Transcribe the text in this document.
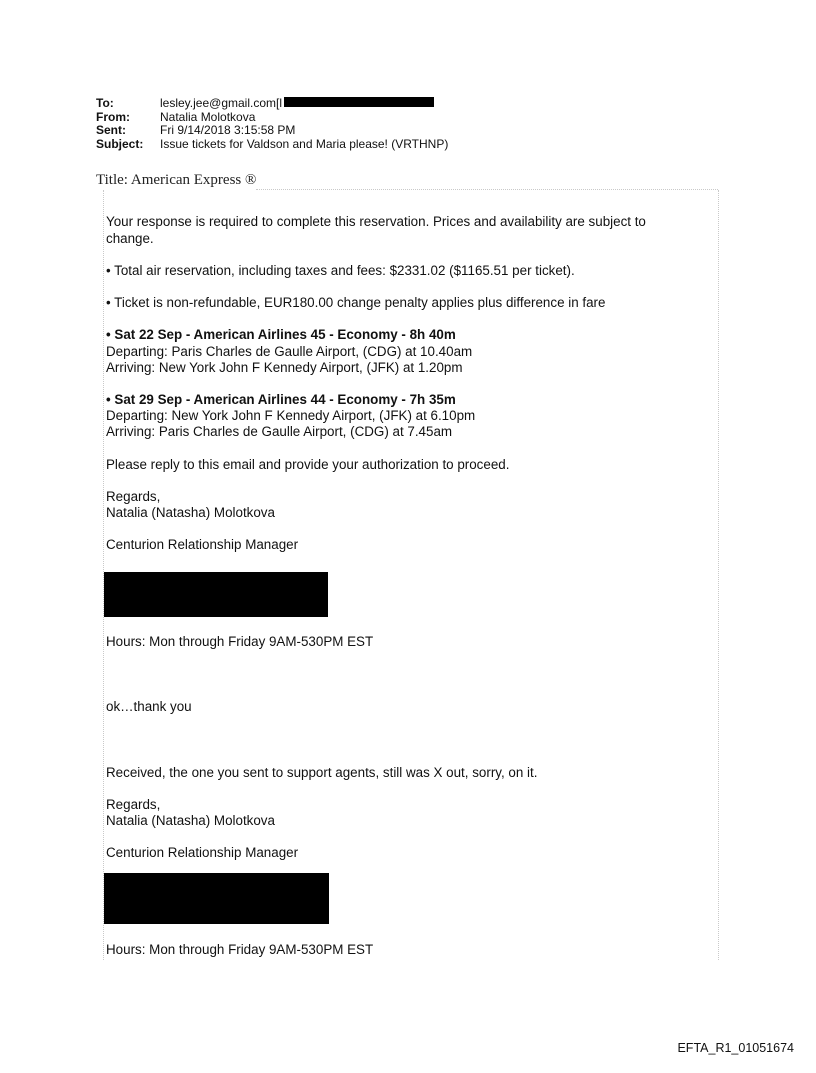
To:	lesley.jee@gmail.com[l
From:	Natalia Molotkova
Sent:	Fri 9/14/2018 3:15:58 PM
Subject:	Issue tickets for Valdson and Maria please! (VRTHNP)
Title: American Express ®
Your response is required to complete this reservation. Prices and availability are subject to
change.
• Total air reservation, including taxes and fees: $2331.02 ($1165.51 per ticket).
• Ticket is non-refundable, EUR180.00 change penalty applies plus difference in fare
• Sat 22 Sep - American Airlines 45 - Economy - 8h 40m
Departing: Paris Charles de Gaulle Airport, (CDG) at 10.40am
Arriving: New York John F Kennedy Airport, (JFK) at 1.20pm
• Sat 29 Sep - American Airlines 44 - Economy - 7h 35m
Departing: New York John F Kennedy Airport, (JFK) at 6.10pm
Arriving: Paris Charles de Gaulle Airport, (CDG) at 7.45am
Please reply to this email and provide your authorization to proceed.
Regards,
Natalia (Natasha) Molotkova
Centurion Relationship Manager
Hours: Mon through Friday 9AM-530PM EST
ok…thank you
Received, the one you sent to support agents, still was X out, sorry, on it.
Regards,
Natalia (Natasha) Molotkova
Centurion Relationship Manager
Hours: Mon through Friday 9AM-530PM EST
EFTA_R1_01051674
